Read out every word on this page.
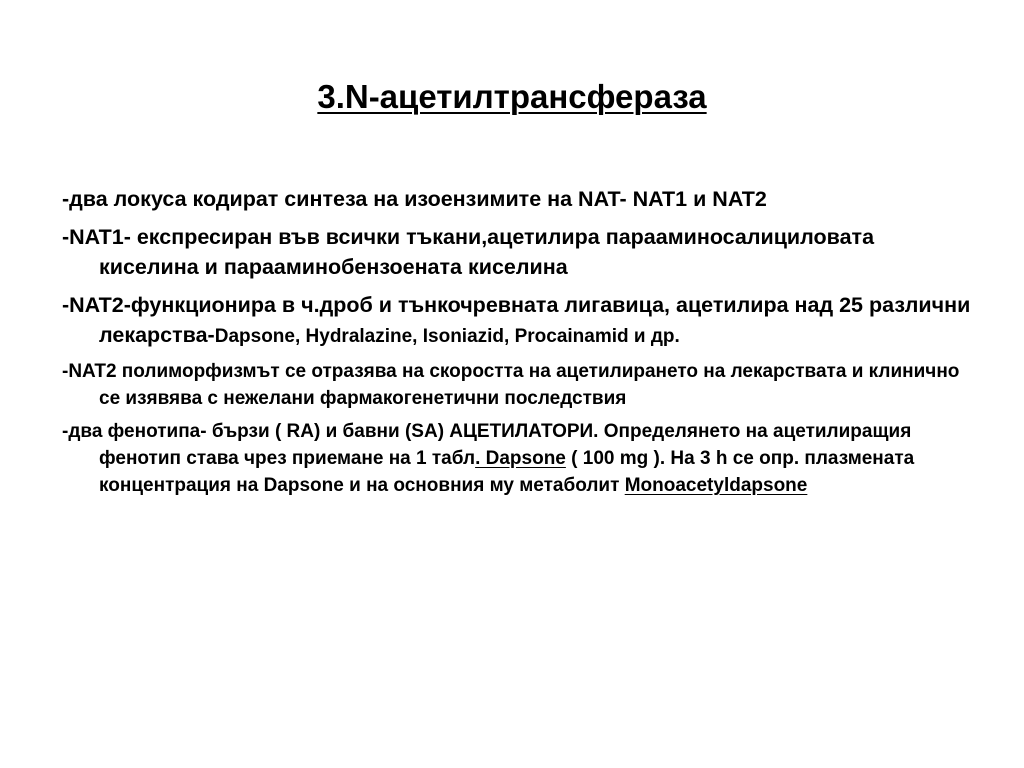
3.N-ацетилтрансфераза

-два локуса кодират синтеза на изоензимите на NAT- NAT1 и NAT2

-NAT1- експресиран във всички тъкани,ацетилира парааминосалициловата киселина и парааминобензоената киселина

-NAT2-функционира в ч.дроб и тънкочревната лигавица, ацетилира над 25 различни лекарства-Dapsone, Hydralazine, Isoniazid, Procainamid и др.

-NAT2 полиморфизмът се отразява на скоростта на ацетилирането на лекарствата и клинично се изявява с нежелани фармакогенетични последствия

-два фенотипа- бързи ( RA) и бавни (SA) АЦЕТИЛАТОРИ. Определянето на ацетилиращия фенотип става чрез приемане на 1 табл. Dapsone ( 100 mg ). На 3 h се опр. плазмената концентрация на Dapsone и на основния му метаболит Monoacetyldapsone
